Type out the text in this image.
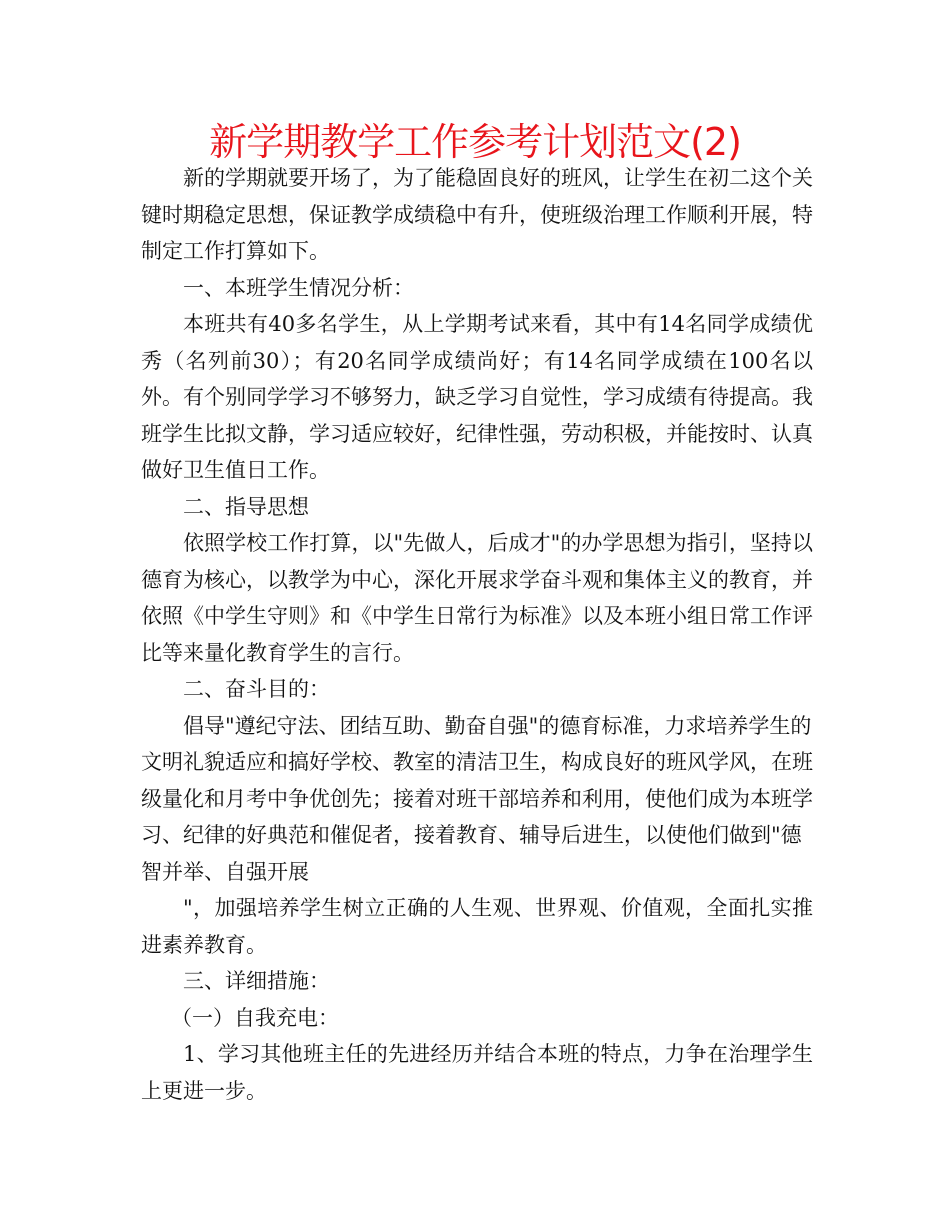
新学期教学工作参考计划范文(2)

新的学期就要开场了，为了能稳固良好的班风，让学生在初二这个关键时期稳定思想，保证教学成绩稳中有升，使班级治理工作顺利开展，特制定工作打算如下。

一、本班学生情况分析：

本班共有40多名学生，从上学期考试来看，其中有14名同学成绩优秀（名列前30）；有20名同学成绩尚好；有14名同学成绩在100名以外。有个别同学学习不够努力，缺乏学习自觉性，学习成绩有待提高。我班学生比拟文静，学习适应较好，纪律性强，劳动积极，并能按时、认真做好卫生值日工作。

二、指导思想

依照学校工作打算，以"先做人，后成才"的办学思想为指引，坚持以德育为核心，以教学为中心，深化开展求学奋斗观和集体主义的教育，并依照《中学生守则》和《中学生日常行为标准》以及本班小组日常工作评比等来量化教育学生的言行。

二、奋斗目的：

倡导"遵纪守法、团结互助、勤奋自强"的德育标准，力求培养学生的文明礼貌适应和搞好学校、教室的清洁卫生，构成良好的班风学风，在班级量化和月考中争优创先；接着对班干部培养和利用，使他们成为本班学习、纪律的好典范和催促者，接着教育、辅导后进生，以使他们做到"德智并举、自强开展

"，加强培养学生树立正确的人生观、世界观、价值观，全面扎实推进素养教育。

三、详细措施：

（一）自我充电：

1、学习其他班主任的先进经历并结合本班的特点，力争在治理学生上更进一步。
